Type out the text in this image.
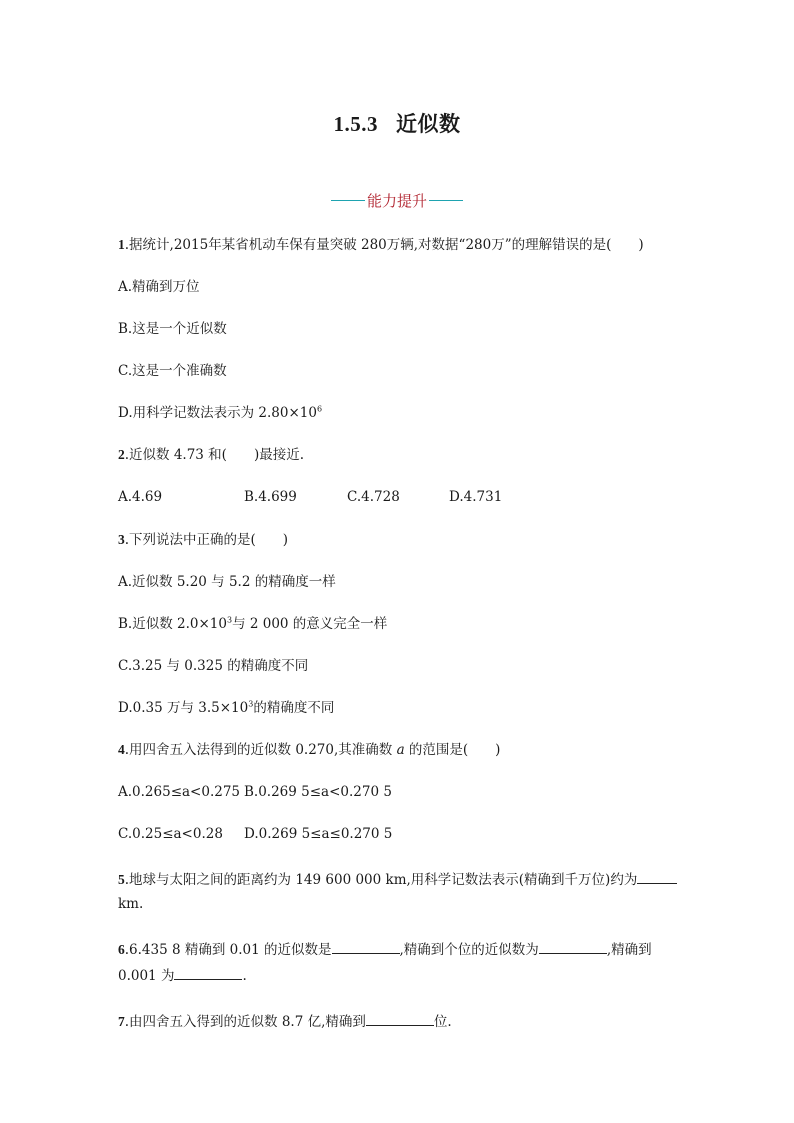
1.5.3 近似数
能力提升
1.据统计,2015年某省机动车保有量突破 280万辆,对数据“280万”的理解错误的是(　　)
A.精确到万位
B.这是一个近似数
C.这是一个准确数
D.用科学记数法表示为 $2.80\times 10^6$
2.近似数 4.73 和(　　)最接近.
A.4.69	B.4.699	C.4.728	D.4.731
3.下列说法中正确的是(　　)
A.近似数 5.20 与 5.2 的精确度一样
B.近似数 $2.0\times 10^3$与 2 000 的意义完全一样
C.3.25 与 0.325 的精确度不同
D.0.35 万与 $3.5\times 10^3$的精确度不同
4.用四舍五入法得到的近似数 0.270,其准确数 a 的范围是(　　)
A.0.265≤a<0.275 B.0.269 5≤a<0.270 5
C.0.25≤a<0.28 D.0.269 5≤a≤0.270 5
5.地球与太阳之间的距离约为 149 600 000 km,用科学记数法表示(精确到千万位)约为
km.
6.6.435 8 精确到 0.01 的近似数是	,精确到个位的近似数为	,精确到
0.001 为	.
7.由四舍五入得到的近似数 8.7 亿,精确到	位.
